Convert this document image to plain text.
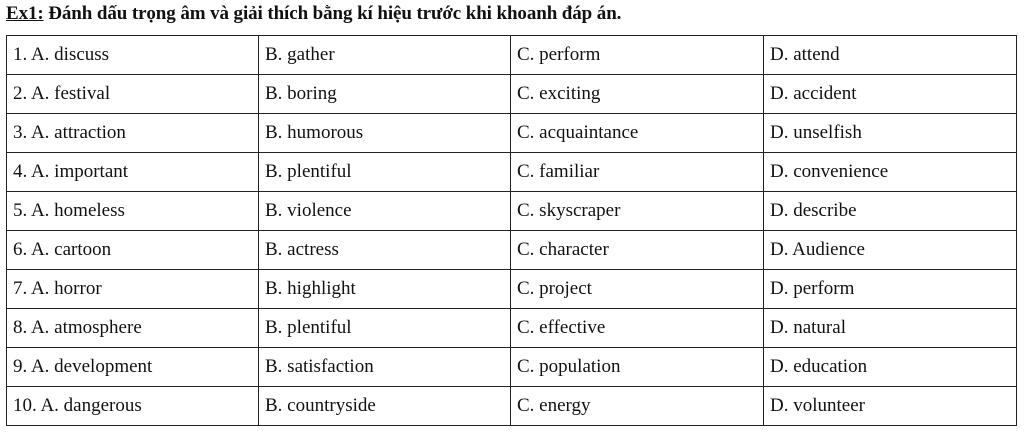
Ex1: Đánh dấu trọng âm và giải thích bằng kí hiệu trước khi khoanh đáp án.
1. A. discuss	B. gather	C. perform	D. attend
2. A. festival	B. boring	C. exciting	D. accident
3. A. attraction	B. humorous	C. acquaintance	D. unselfish
4. A. important	B. plentiful	C. familiar	D. convenience
5. A. homeless	B. violence	C. skyscraper	D. describe
6. A. cartoon	B. actress	C. character	D. Audience
7. A. horror	B. highlight	C. project	D. perform
8. A. atmosphere	B. plentiful	C. effective	D. natural
9. A. development	B. satisfaction	C. population	D. education
10. A. dangerous	B. countryside	C. energy	D. volunteer
